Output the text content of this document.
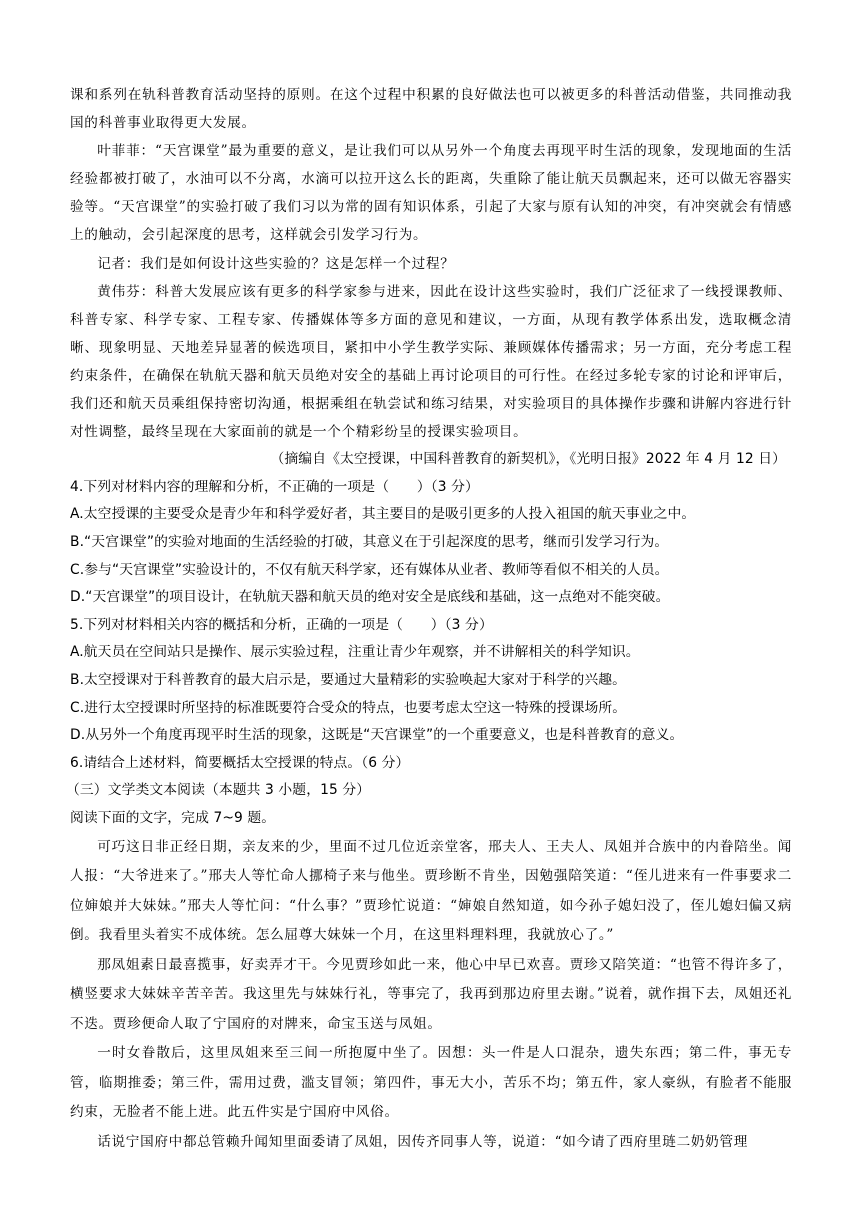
课和系列在轨科普教育活动坚持的原则。在这个过程中积累的良好做法也可以被更多的科普活动借鉴，共同推动我国的科普事业取得更大发展。

叶菲菲：“天宫课堂”最为重要的意义，是让我们可以从另外一个角度去再现平时生活的现象，发现地面的生活经验都被打破了，水油可以不分离，水滴可以拉开这么长的距离，失重除了能让航天员飘起来，还可以做无容器实验等。“天宫课堂”的实验打破了我们习以为常的固有知识体系，引起了大家与原有认知的冲突，有冲突就会有情感上的触动，会引起深度的思考，这样就会引发学习行为。

记者：我们是如何设计这些实验的？这是怎样一个过程？

黄伟芬：科普大发展应该有更多的科学家参与进来，因此在设计这些实验时，我们广泛征求了一线授课教师、科普专家、科学专家、工程专家、传播媒体等多方面的意见和建议，一方面，从现有教学体系出发，选取概念清晰、现象明显、天地差异显著的候选项目，紧扣中小学生教学实际、兼顾媒体传播需求；另一方面，充分考虑工程约束条件，在确保在轨航天器和航天员绝对安全的基础上再讨论项目的可行性。在经过多轮专家的讨论和评审后，我们还和航天员乘组保持密切沟通，根据乘组在轨尝试和练习结果，对实验项目的具体操作步骤和讲解内容进行针对性调整，最终呈现在大家面前的就是一个个精彩纷呈的授课实验项目。

（摘编自《太空授课，中国科普教育的新契机》，《光明日报》2022 年 4 月 12 日）

4.下列对材料内容的理解和分析，不正确的一项是（　　）（3 分）

A.太空授课的主要受众是青少年和科学爱好者，其主要目的是吸引更多的人投入祖国的航天事业之中。

B.“天宫课堂”的实验对地面的生活经验的打破，其意义在于引起深度的思考，继而引发学习行为。

C.参与“天宫课堂”实验设计的，不仅有航天科学家，还有媒体从业者、教师等看似不相关的人员。

D.“天宫课堂”的项目设计，在轨航天器和航天员的绝对安全是底线和基础，这一点绝对不能突破。

5.下列对材料相关内容的概括和分析，正确的一项是（　　）（3 分）

A.航天员在空间站只是操作、展示实验过程，注重让青少年观察，并不讲解相关的科学知识。

B.太空授课对于科普教育的最大启示是，要通过大量精彩的实验唤起大家对于科学的兴趣。

C.进行太空授课时所坚持的标准既要符合受众的特点，也要考虑太空这一特殊的授课场所。

D.从另外一个角度再现平时生活的现象，这既是“天宫课堂”的一个重要意义，也是科普教育的意义。

6.请结合上述材料，简要概括太空授课的特点。（6 分）

（三）文学类文本阅读（本题共 3 小题，15 分）

阅读下面的文字，完成 7~9 题。

可巧这日非正经日期，亲友来的少，里面不过几位近亲堂客，邢夫人、王夫人、凤姐并合族中的内眷陪坐。闻人报：“大爷进来了。”邢夫人等忙命人挪椅子来与他坐。贾珍断不肯坐，因勉强陪笑道：“侄儿进来有一件事要求二位婶娘并大妹妹。”邢夫人等忙问：“什么事？”贾珍忙说道：“婶娘自然知道，如今孙子媳妇没了，侄儿媳妇偏又病倒。我看里头着实不成体统。怎么屈尊大妹妹一个月，在这里料理料理，我就放心了。”

那凤姐素日最喜揽事，好卖弄才干。今见贾珍如此一来，他心中早已欢喜。贾珍又陪笑道：“也管不得许多了，横竖要求大妹妹辛苦辛苦。我这里先与妹妹行礼，等事完了，我再到那边府里去谢。”说着，就作揖下去，凤姐还礼不迭。贾珍便命人取了宁国府的对牌来，命宝玉送与凤姐。

一时女眷散后，这里凤姐来至三间一所抱厦中坐了。因想：头一件是人口混杂，遗失东西；第二件，事无专管，临期推委；第三件，需用过费，滥支冒领；第四件，事无大小，苦乐不均；第五件，家人豪纵，有脸者不能服约束，无脸者不能上进。此五件实是宁国府中风俗。

话说宁国府中都总管赖升闻知里面委请了凤姐，因传齐同事人等，说道：“如今请了西府里琏二奶奶管理
